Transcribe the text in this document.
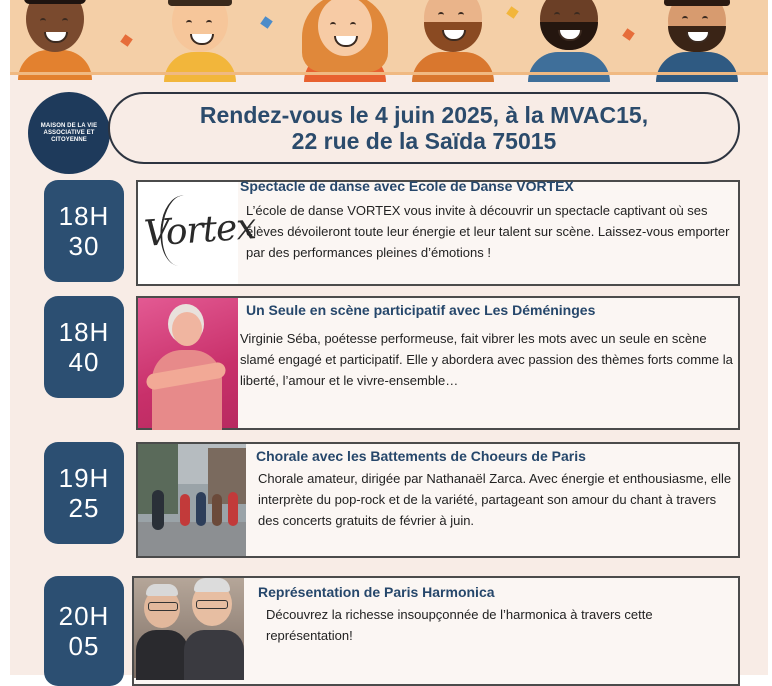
MAISON DE LA VIE ASSOCIATIVE ET CITOYENNE
Rendez-vous le 4 juin 2025, à la MVAC15,
22 rue de la Saïda 75015
18H
30 Vortex
Spectacle de danse avec Ecole de Danse VORTEX
L’école de danse VORTEX vous invite à découvrir un spectacle captivant où ses élèves dévoileront toute leur énergie et leur talent sur scène. Laissez-vous emporter par des performances pleines d’émotions !
18H
40
Un Seule en scène participatif avec Les Déméninges
Virginie Séba, poétesse performeuse, fait vibrer les mots avec un seule en scène slamé engagé et participatif. Elle y abordera avec passion des thèmes forts comme la liberté, l’amour et le vivre-ensemble…
19H
25
Chorale avec les Battements de Choeurs de Paris
Chorale amateur, dirigée par Nathanaël Zarca. Avec énergie et enthousiasme, elle interprète du pop-rock et de la variété, partageant son amour du chant à travers des concerts gratuits de février à juin.
20H
05
Représentation de Paris Harmonica
Découvrez la richesse insoupçonnée de l’harmonica à travers cette représentation!
